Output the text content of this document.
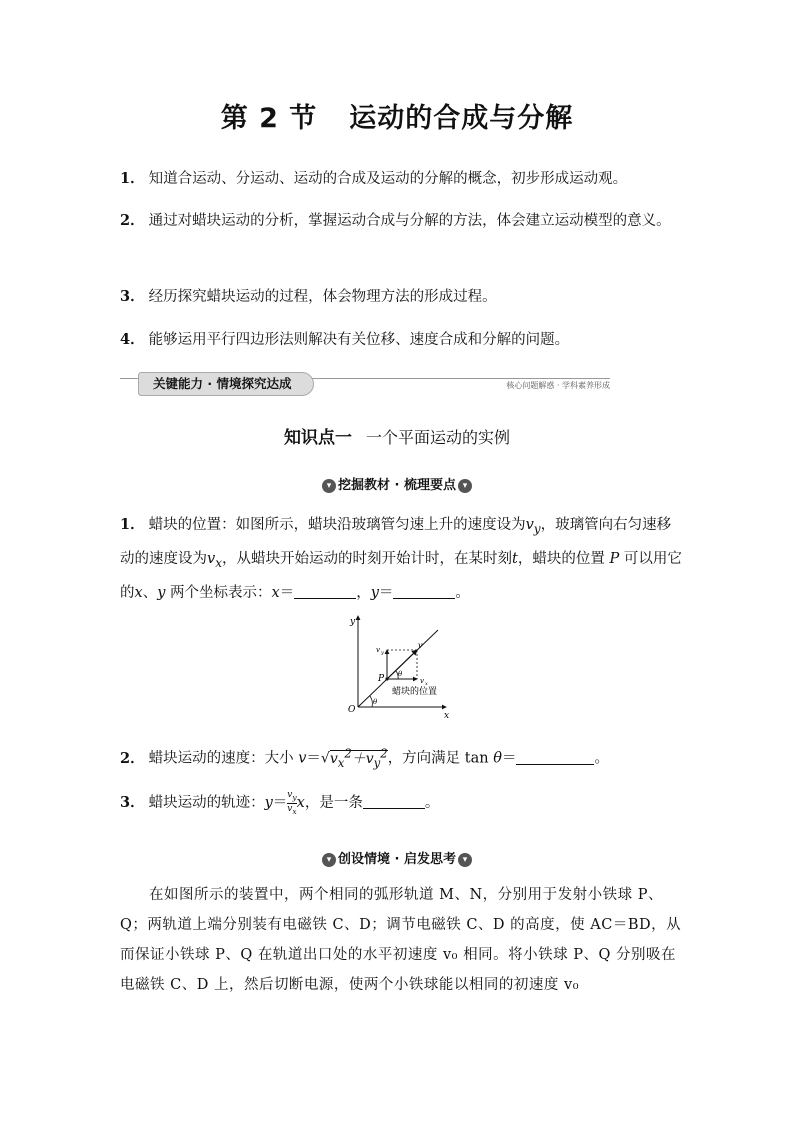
第 2 节 运动的合成与分解
1． 知道合运动、分运动、运动的合成及运动的分解的概念，初步形成运动观。
2． 通过对蜡块运动的分析，掌握运动合成与分解的方法，体会建立运动模型的意义。
3． 经历探究蜡块运动的过程，体会物理方法的形成过程。
4． 能够运用平行四边形法则解决有关位移、速度合成和分解的问题。
关键能力 · 情境探究达成	核心问题解惑 · 学科素养形成
知识点一 一个平面运动的实例
▾ 挖掘教材 · 梳理要点 ▾
1． 蜡块的位置：如图所示，蜡块沿玻璃管匀速上升的速度设为$v_y$，玻璃管向右匀速移动的速度设为$v_x$，从蜡块开始运动的时刻开始计时，在某时刻t，蜡块的位置 P 可以用它的x、y 两个坐标表示：x＝	，y＝	。
y
x
O
P
v
v y
v x
θ
θ
蜡块的位置
2． 蜡块运动的速度：大小 $v=√v_x^2+v_y^2$，方向满足 tan θ＝	。
3． 蜡块运动的轨迹：$y= \frac{v_y}{v_x}$ x，是一条	。
▾ 创设情境 · 启发思考 ▾
在如图所示的装置中，两个相同的弧形轨道 M、N，分别用于发射小铁球 P、Q；两轨道上端分别装有电磁铁 C、D；调节电磁铁 C、D 的高度，使 AC＝BD，从而保证小铁球 P、Q 在轨道出口处的水平初速度 v₀ 相同。将小铁球 P、Q 分别吸在电磁铁 C、D 上，然后切断电源，使两个小铁球能以相同的初速度 v₀
